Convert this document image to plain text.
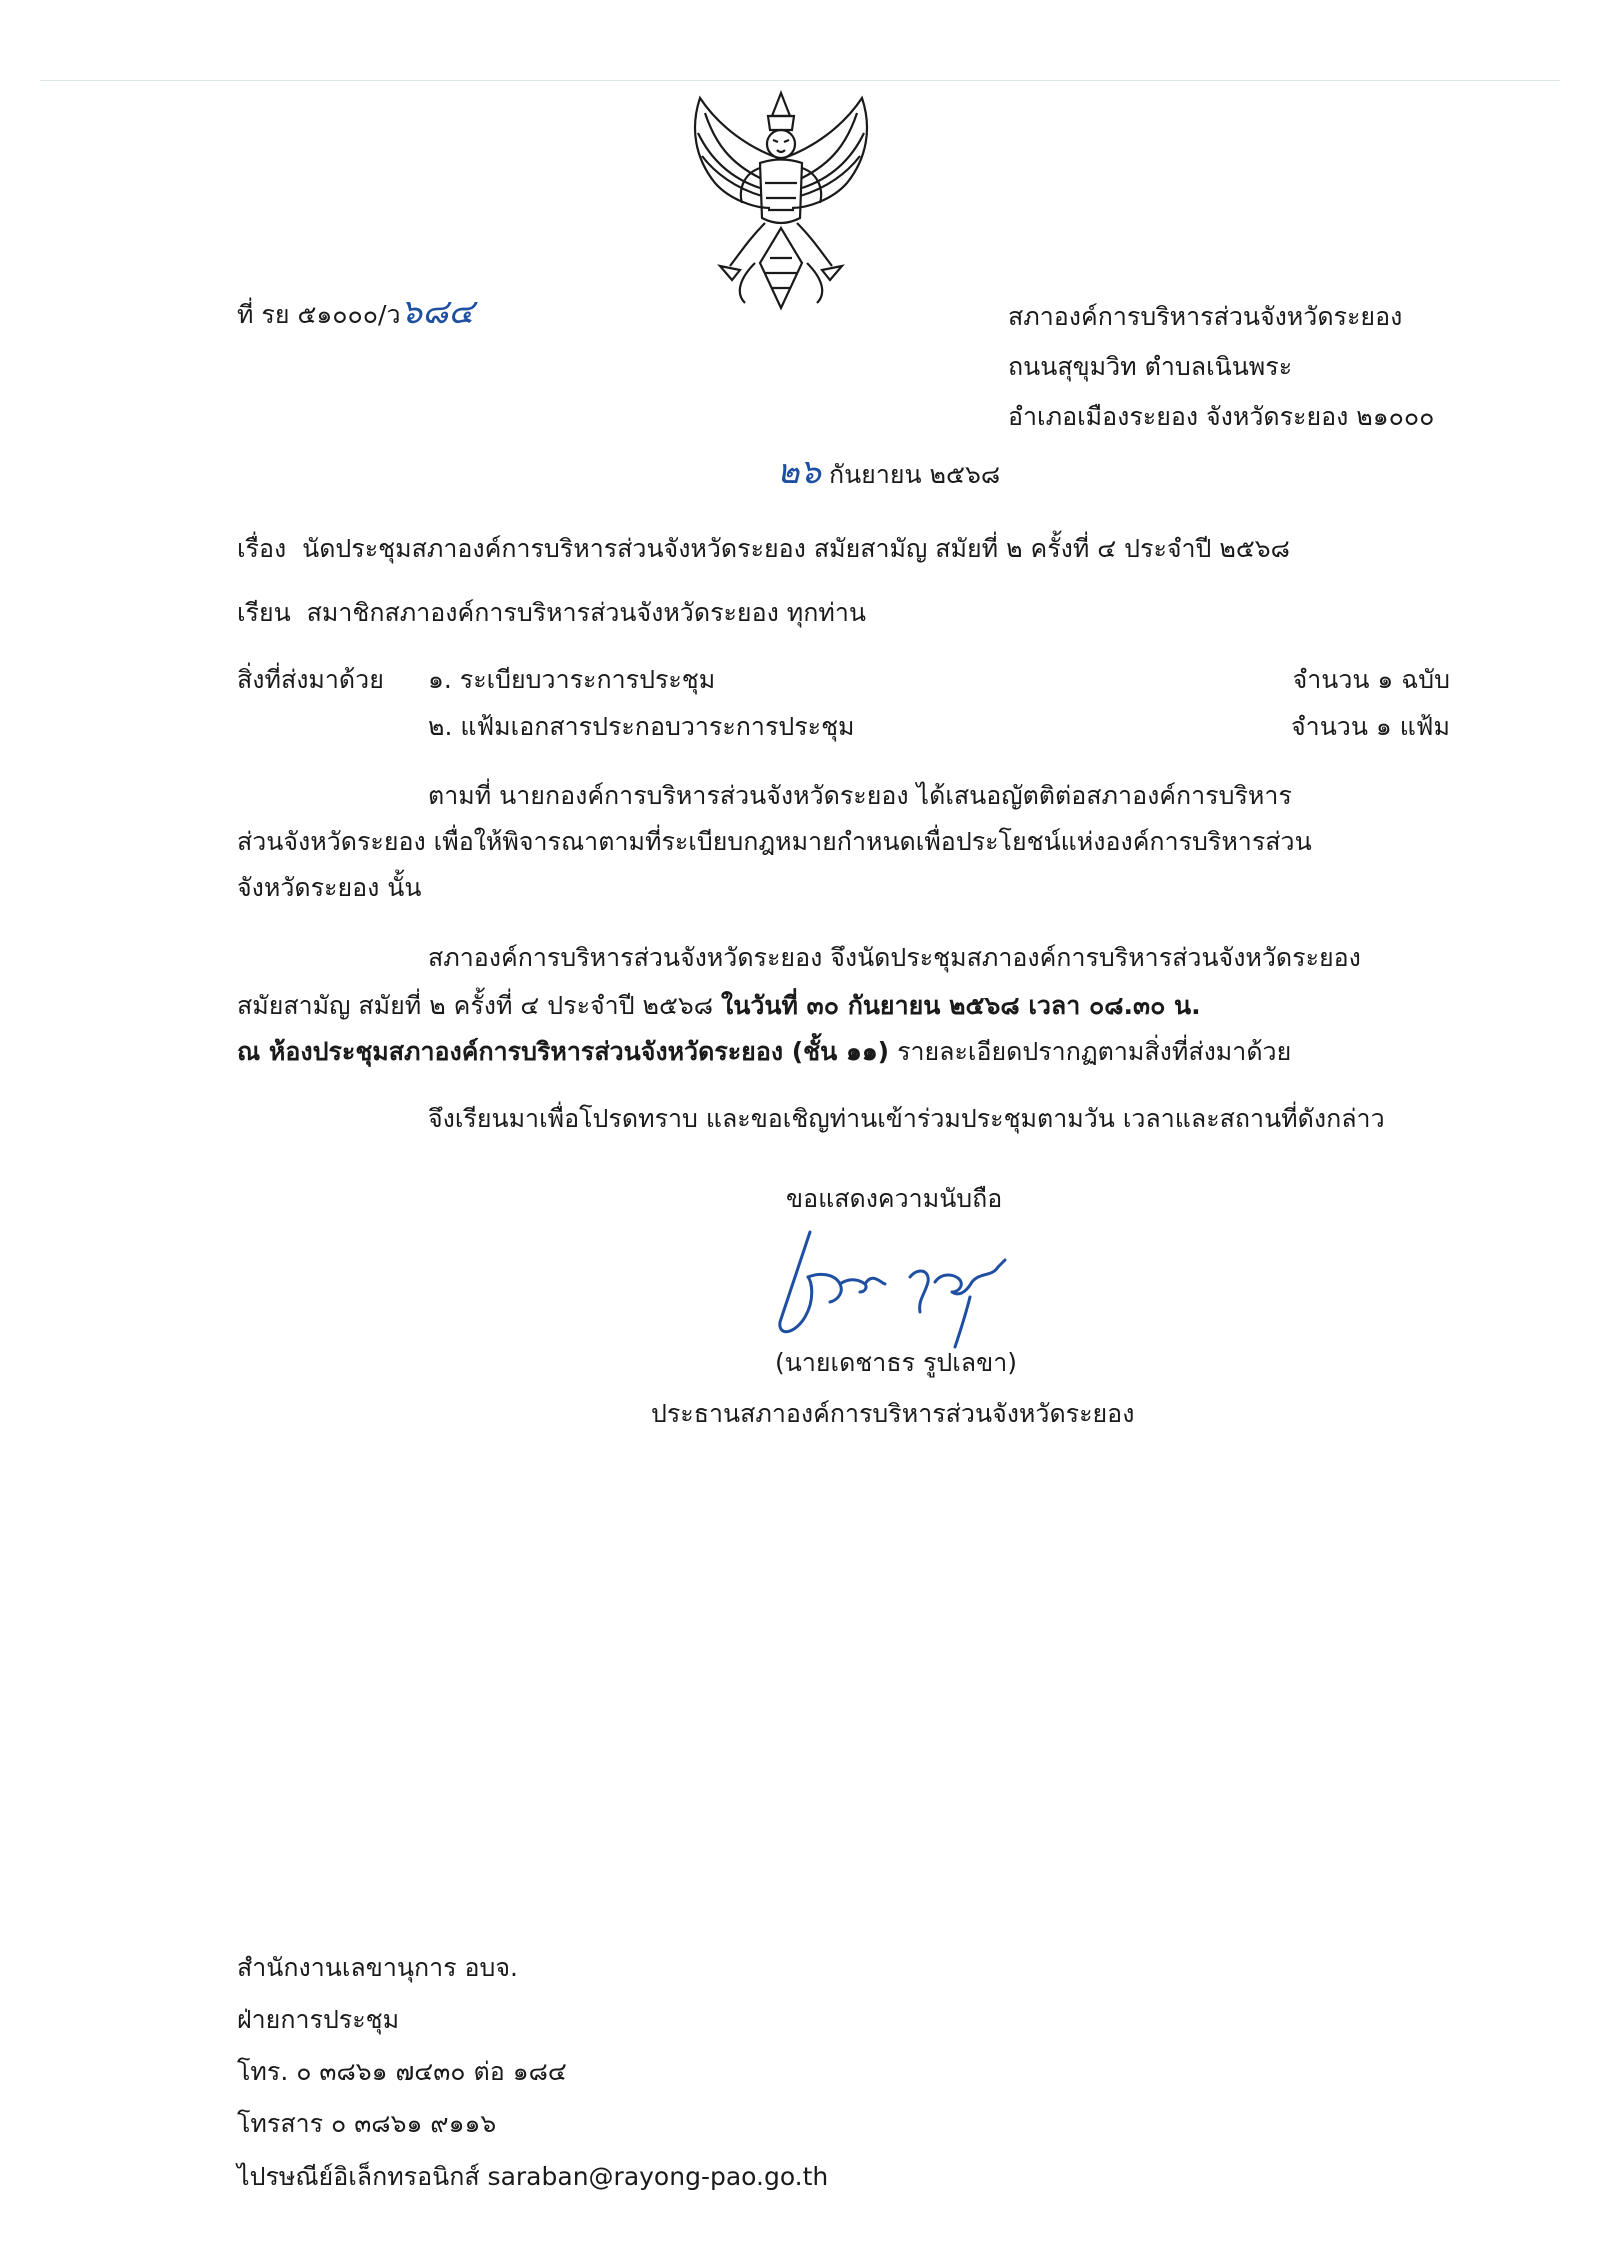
ที่ รย ๕๑๐๐๐/ว๖๘๔	สภาองค์การบริหารส่วนจังหวัดระยอง
ถนนสุขุมวิท ตำบลเนินพระ
อำเภอเมืองระยอง จังหวัดระยอง ๒๑๐๐๐
๒๖ กันยายน ๒๕๖๘
เรื่อง นัดประชุมสภาองค์การบริหารส่วนจังหวัดระยอง สมัยสามัญ สมัยที่ ๒ ครั้งที่ ๔ ประจำปี ๒๕๖๘
เรียน สมาชิกสภาองค์การบริหารส่วนจังหวัดระยอง ทุกท่าน
สิ่งที่ส่งมาด้วย ๑. ระเบียบวาระการประชุม	จำนวน ๑ ฉบับ
๒. แฟ้มเอกสารประกอบวาระการประชุม	จำนวน ๑ แฟ้ม
ตามที่ นายกองค์การบริหารส่วนจังหวัดระยอง ได้เสนอญัตติต่อสภาองค์การบริหาร
ส่วนจังหวัดระยอง เพื่อให้พิจารณาตามที่ระเบียบกฎหมายกำหนดเพื่อประโยชน์แห่งองค์การบริหารส่วน
จังหวัดระยอง นั้น
สภาองค์การบริหารส่วนจังหวัดระยอง จึงนัดประชุมสภาองค์การบริหารส่วนจังหวัดระยอง
สมัยสามัญ สมัยที่ ๒ ครั้งที่ ๔ ประจำปี ๒๕๖๘ ในวันที่ ๓๐ กันยายน ๒๕๖๘ เวลา ๐๘.๓๐ น.
ณ ห้องประชุมสภาองค์การบริหารส่วนจังหวัดระยอง (ชั้น ๑๑) รายละเอียดปรากฏตามสิ่งที่ส่งมาด้วย
จึงเรียนมาเพื่อโปรดทราบ และขอเชิญท่านเข้าร่วมประชุมตามวัน เวลาและสถานที่ดังกล่าว
ขอแสดงความนับถือ
(นายเดชาธร รูปเลขา)
ประธานสภาองค์การบริหารส่วนจังหวัดระยอง
สำนักงานเลขานุการ อบจ.
ฝ่ายการประชุม
โทร. ๐ ๓๘๖๑ ๗๔๓๐ ต่อ ๑๘๔
โทรสาร ๐ ๓๘๖๑ ๙๑๑๖
ไปรษณีย์อิเล็กทรอนิกส์ saraban@rayong-pao.go.th
